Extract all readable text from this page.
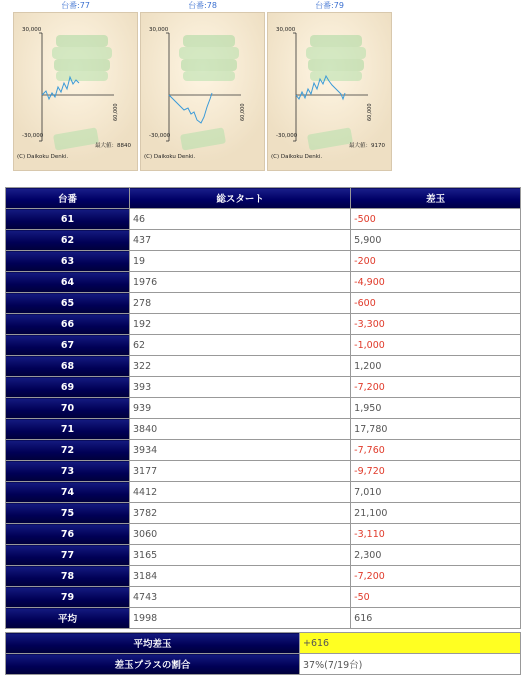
台番:77
30,000
-30,000
60,000
最大値：8840
(C) Daikoku Denki.
台番:78
30,000
-30,000
60,000
(C) Daikoku Denki.
台番:79
30,000
-30,000
60,000
最大値：9170
(C) Daikoku Denki.
台番	総スタート	差玉
61	46	-500
62	437	5,900
63	19	-200
64	1976	-4,900
65	278	-600
66	192	-3,300
67	62	-1,000
68	322	1,200
69	393	-7,200
70	939	1,950
71	3840	17,780
72	3934	-7,760
73	3177	-9,720
74	4412	7,010
75	3782	21,100
76	3060	-3,110
77	3165	2,300
78	3184	-7,200
79	4743	-50
平均	1998	616
平均差玉	+616
差玉プラスの割合	37%(7/19台)
